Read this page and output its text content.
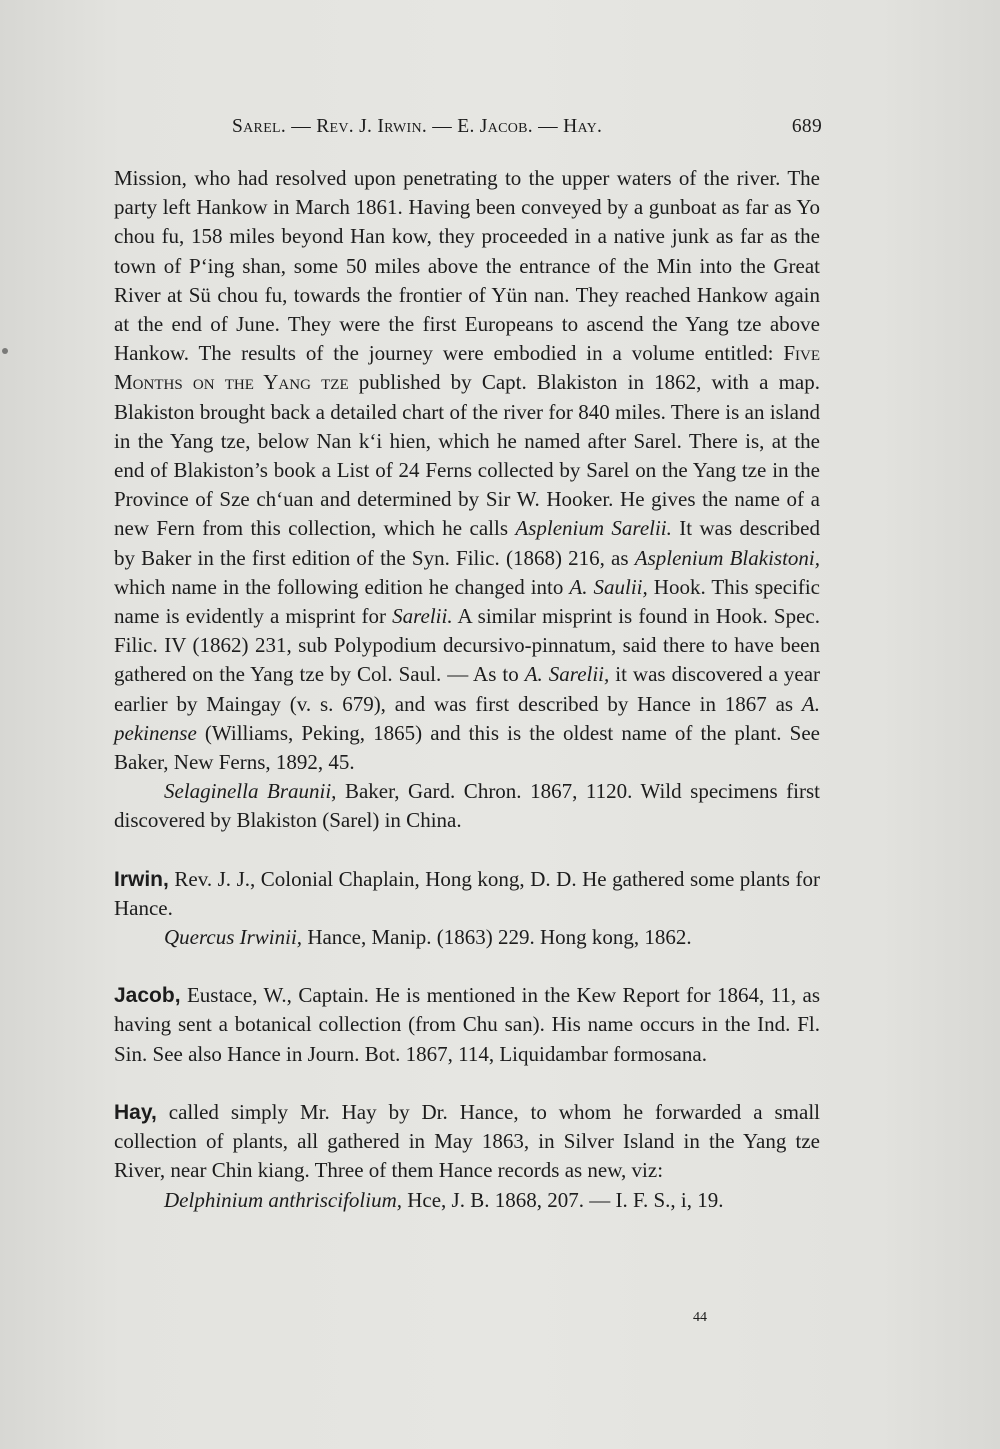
Sarel. — Rev. J. Irwin. — E. Jacob. — Hay.	689

Mission, who had resolved upon penetrating to the upper waters of the river. The party left Hankow in March 1861. Having been conveyed by a gunboat as far as Yo chou fu, 158 miles beyond Han kow, they proceeded in a native junk as far as the town of P‘ing shan, some 50 miles above the entrance of the Min into the Great River at Sü chou fu, towards the frontier of Yün nan. They reached Hankow again at the end of June. They were the first Europeans to ascend the Yang tze above Hankow. The results of the journey were embodied in a volume entitled: Five Months on the Yang tze published by Capt. Blakiston in 1862, with a map. Blakiston brought back a detailed chart of the river for 840 miles. There is an island in the Yang tze, below Nan k‘i hien, which he named after Sarel. There is, at the end of Blakiston’s book a List of 24 Ferns collected by Sarel on the Yang tze in the Province of Sze ch‘uan and determined by Sir W. Hooker. He gives the name of a new Fern from this collection, which he calls Asplenium Sarelii. It was described by Baker in the first edition of the Syn. Filic. (1868) 216, as Asplenium Blakistoni, which name in the following edition he changed into A. Saulii, Hook. This specific name is evidently a misprint for Sarelii. A similar misprint is found in Hook. Spec. Filic. IV (1862) 231, sub Polypodium decursivo-pinnatum, said there to have been gathered on the Yang tze by Col. Saul. — As to A. Sarelii, it was discovered a year earlier by Maingay (v. s. 679), and was first described by Hance in 1867 as A. pekinense (Williams, Peking, 1865) and this is the oldest name of the plant. See Baker, New Ferns, 1892, 45.

Selaginella Braunii, Baker, Gard. Chron. 1867, 1120. Wild specimens first discovered by Blakiston (Sarel) in China.

Irwin, Rev. J. J., Colonial Chaplain, Hong kong, D. D. He gathered some plants for Hance.

Quercus Irwinii, Hance, Manip. (1863) 229. Hong kong, 1862.

Jacob, Eustace, W., Captain. He is mentioned in the Kew Report for 1864, 11, as having sent a botanical collection (from Chu san). His name occurs in the Ind. Fl. Sin. See also Hance in Journ. Bot. 1867, 114, Liquidambar formosana.

Hay, called simply Mr. Hay by Dr. Hance, to whom he forwarded a small collection of plants, all gathered in May 1863, in Silver Island in the Yang tze River, near Chin kiang. Three of them Hance records as new, viz:

Delphinium anthriscifolium, Hce, J. B. 1868, 207. — I. F. S., i, 19.

44
